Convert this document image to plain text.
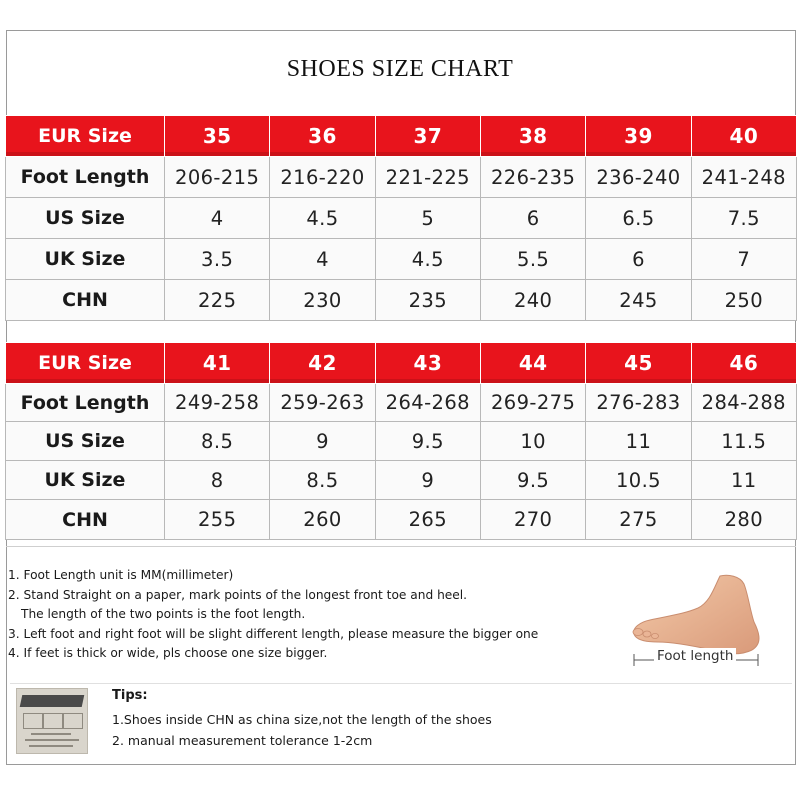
SHOES SIZE CHART
EUR Size	35	36	37	38	39	40
Foot Length	206-215	216-220	221-225	226-235	236-240	241-248
US Size	4	4.5	5	6	6.5	7.5
UK Size	3.5	4	4.5	5.5	6	7
CHN	225	230	235	240	245	250
EUR Size	41	42	43	44	45	46
Foot Length	249-258	259-263	264-268	269-275	276-283	284-288
US Size	8.5	9	9.5	10	11	11.5
UK Size	8	8.5	9	9.5	10.5	11
CHN	255	260	265	270	275	280
1. Foot Length unit is MM(millimeter)
2. Stand Straight on a paper, mark points of the longest front toe and heel.
The length of the two points is the foot length.
3. Left foot and right foot will be slight different length, please measure the bigger one
4. If feet is thick or wide, pls choose one size bigger.	Foot length
Tips:
1.Shoes inside CHN as china size,not the length of the shoes
2. manual measurement tolerance 1-2cm
